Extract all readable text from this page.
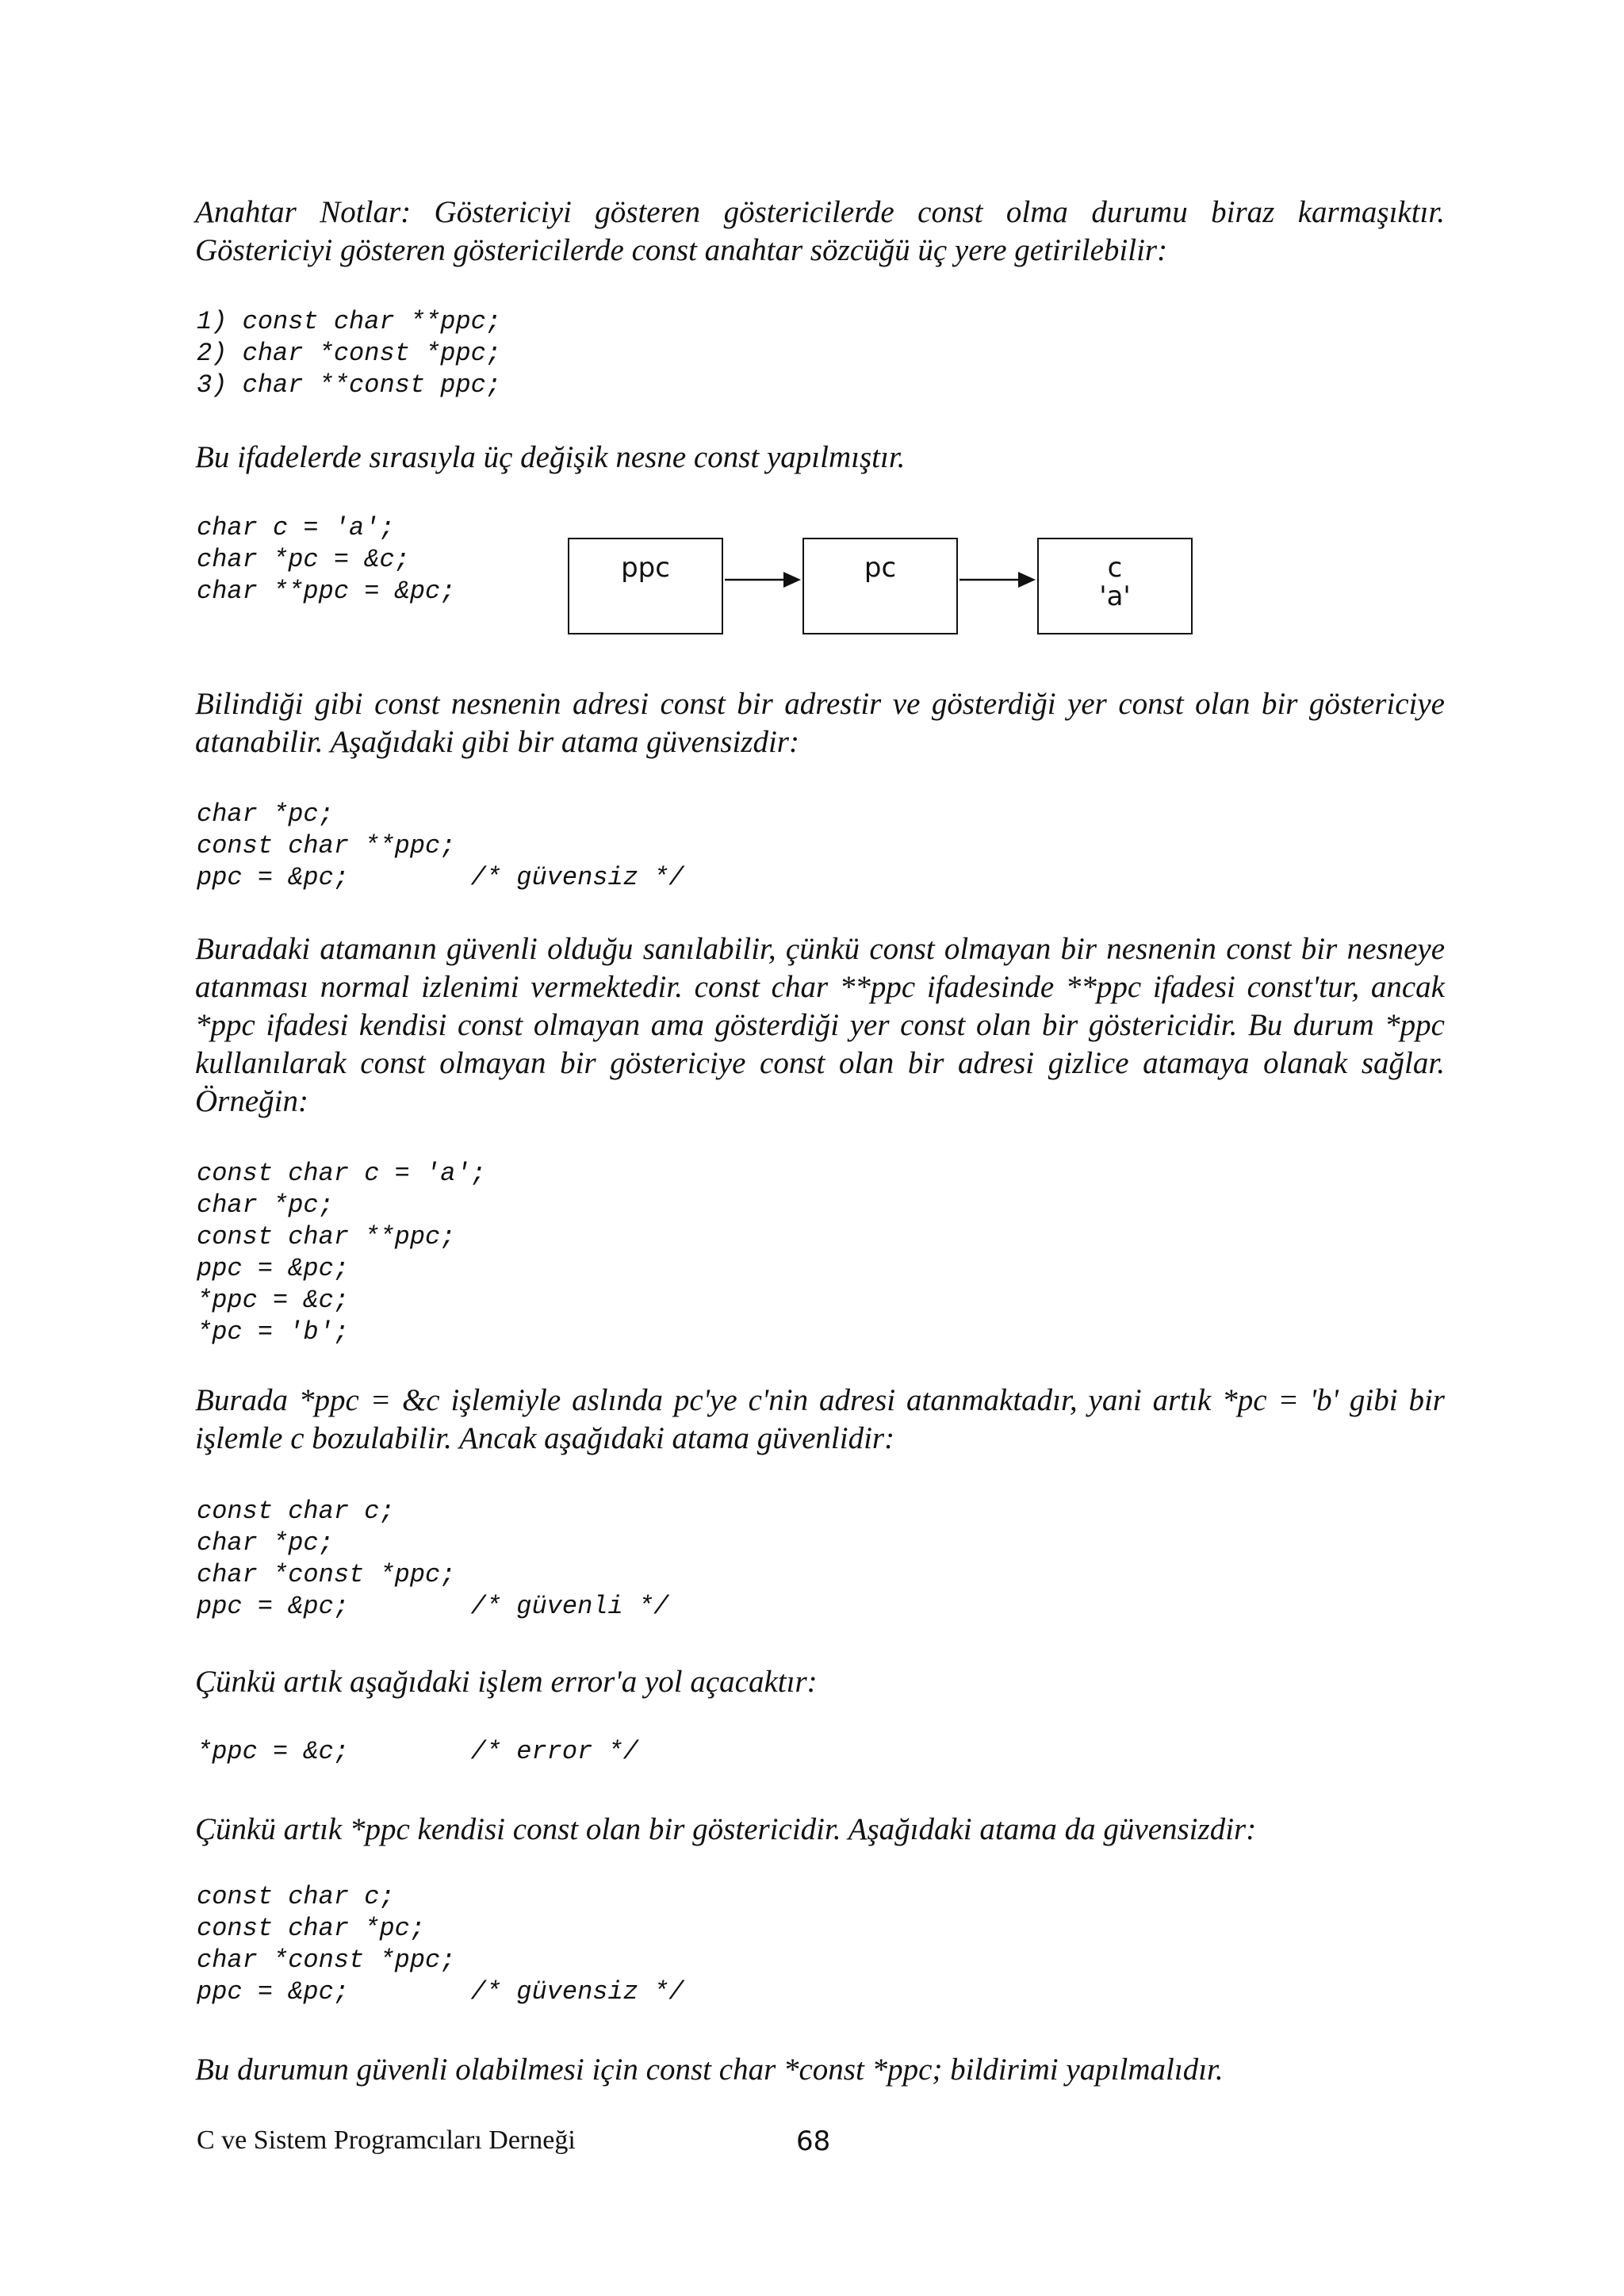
Anahtar Notlar: Göstericiyi gösteren göstericilerde const olma durumu biraz karmaşıktır. Göstericiyi gösteren göstericilerde const anahtar sözcüğü üç yere getirilebilir:

1) const char **ppc;
2) char *const *ppc;
3) char **const ppc;

Bu ifadelerde sırasıyla üç değişik nesne const yapılmıştır.

char c = 'a';
char *pc = &c;
char **ppc = &pc;
ppc	pc	c
'a'

Bilindiği gibi const nesnenin adresi const bir adrestir ve gösterdiği yer const olan bir göstericiye atanabilir. Aşağıdaki gibi bir atama güvensizdir:

char *pc;
const char **ppc;
ppc = &pc;        /* güvensiz */

Buradaki atamanın güvenli olduğu sanılabilir, çünkü const olmayan bir nesnenin const bir nesneye atanması normal izlenimi vermektedir. const char **ppc ifadesinde **ppc ifadesi const'tur, ancak *ppc ifadesi kendisi const olmayan ama gösterdiği yer const olan bir göstericidir. Bu durum *ppc kullanılarak const olmayan bir göstericiye const olan bir adresi gizlice atamaya olanak sağlar. Örneğin:

const char c = 'a';
char *pc;
const char **ppc;
ppc = &pc;
*ppc = &c;
*pc = 'b';

Burada *ppc = &c işlemiyle aslında pc'ye c'nin adresi atanmaktadır, yani artık *pc = 'b' gibi bir işlemle c bozulabilir. Ancak aşağıdaki atama güvenlidir:

const char c;
char *pc;
char *const *ppc;
ppc = &pc;        /* güvenli */

Çünkü artık aşağıdaki işlem error'a yol açacaktır:

*ppc = &c;        /* error */

Çünkü artık *ppc kendisi const olan bir göstericidir. Aşağıdaki atama da güvensizdir:

const char c;
const char *pc;
char *const *ppc;
ppc = &pc;        /* güvensiz */

Bu durumun güvenli olabilmesi için const char *const *ppc; bildirimi yapılmalıdır.

C ve Sistem Programcıları Derneği	68
